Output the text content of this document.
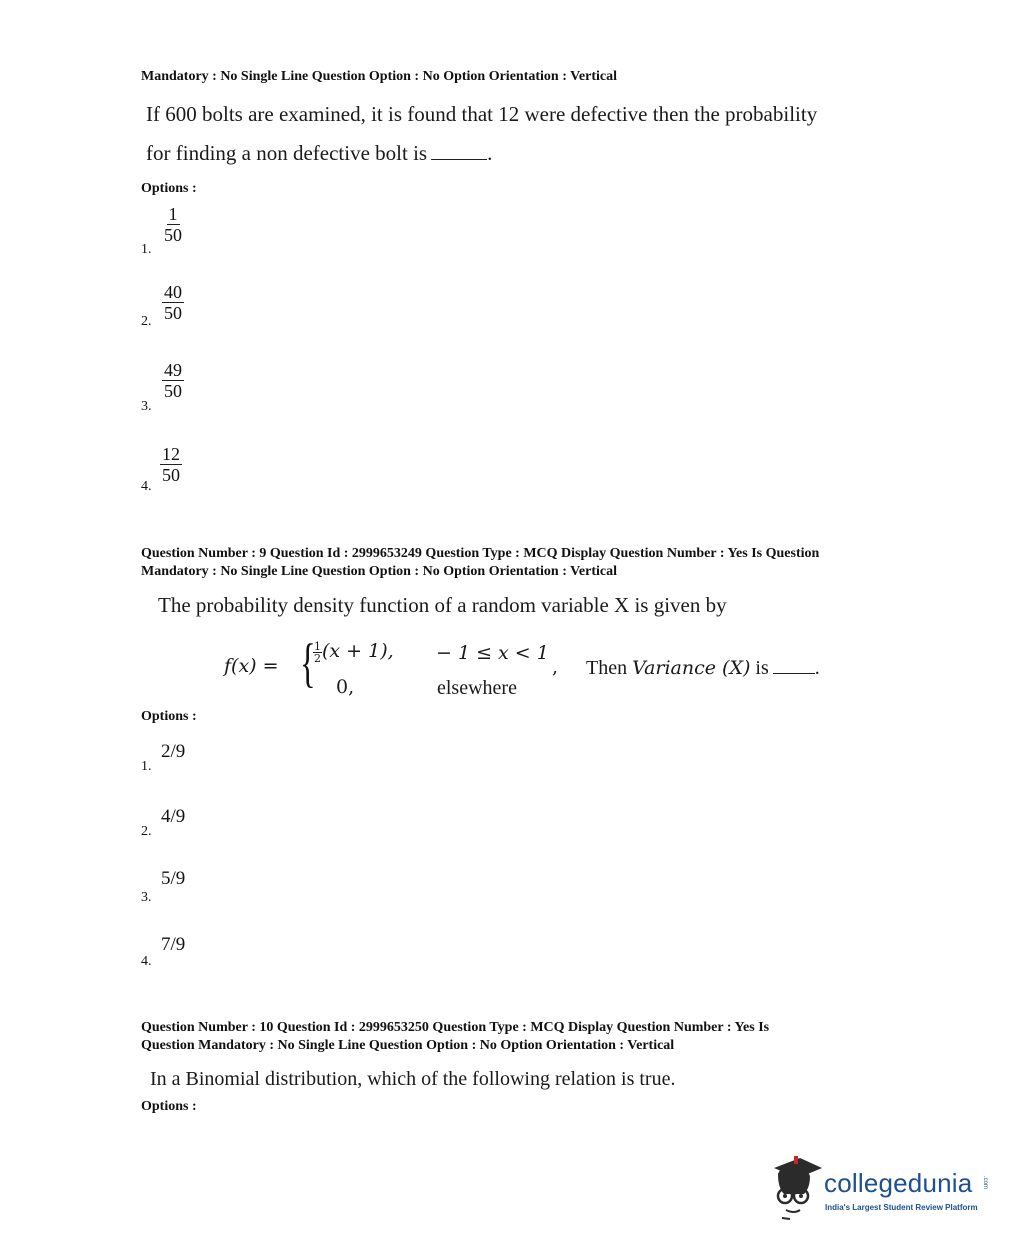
Mandatory : No Single Line Question Option : No Option Orientation : Vertical
If 600 bolts are examined, it is found that 12 were defective then the probability
for finding a non defective bolt is	.
Options :
1.
$\frac{1}{50}$
2. $\frac{40}{50}$
3.
$\frac{49}{50}$
4.
$\frac{12}{50}$
Question Number : 9 Question Id : 2999653249 Question Type : MCQ Display Question Number : Yes Is Question
Mandatory : No Single Line Question Option : No Option Orientation : Vertical
The probability density function of a random variable X is given by
f(x) = {
$\frac{1}{2} (x + 1)$, − 1 ≤ x < 1
,
0,	elsewhere
Then Variance (X) is .
Options :
1.
2/9
2.
4/9
3.
5/9
4.
7/9
Question Number : 10 Question Id : 2999653250 Question Type : MCQ Display Question Number : Yes Is
Question Mandatory : No Single Line Question Option : No Option Orientation : Vertical
In a Binomial distribution, which of the following relation is true.
Options :
collegedunia .com
India's Largest Student Review Platform
